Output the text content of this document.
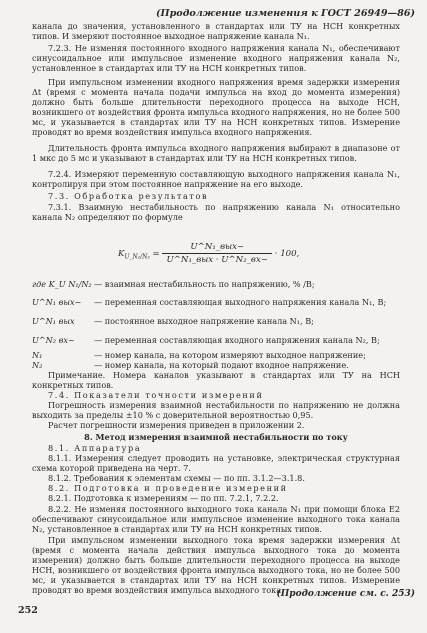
(Продолжение изменения к ГОСТ 26949—86)
канала до значения, установленного в стандартах или ТУ на НСН конкретных типов. И змеряют постоянное выходное напряжение канала N₁.
7.2.3. Не изменяя постоянного входного напряжения канала N₁, обеспечивают синусоидальное или импульсное изменение входного напряжения канала N₂, установленное в стандартах или ТУ на НСН конкретных типов.
При импульсном изменении входного напряжения время задержки измерения Δt (время с момента начала подачи импульса на вход до момента измерения) должно быть больше длительности переходного процесса на выходе НСН, возникшего от воздействия фронта импульса входного напряжения, но не более 500 мс, и указывается в стандартах или ТУ на НСН конкретных типов. Измерение проводят во время воздействия импульса входного напряжения.
Длительность фронта импульса входного напряжения выбирают в диапазоне от 1 мкс до 5 мс и указывают в стандартах или ТУ на НСН конкретных типов.
7.2.4. Измеряют переменную составляющую выходного напряжения канала N₁, контролируя при этом постоянное напряжение на его выходе.
7.3. Обработка результатов
7.3.1. Взаимную нестабильность по напряжению канала N₁ относительно канала N₂ определяют по формуле
$K_{U\_N_1/N_2} = \frac{\text{U\textasciicircum{}N₁\_вых\textasciitilde{}}}{\text{U\textasciicircum{}N₁\_вых · U\textasciicircum{}N₂\_вх\textasciitilde{}}} \cdot 100$,
где K_U N₁/N₂ — взаимная нестабильность по напряжению, % /В;
U^N₁ вых~ — переменная составляющая выходного напряжения канала N₁, В;
U^N₁ вых — постоянное выходное напряжение канала N₁, В;
U^N₂ вх~ — переменная составляющая входного напряжения канала N₂, В;
N₁	— номер канала, на котором измеряют выходное напряжение;
N₂	— номер канала, на который подают входное напряжение.
Примечание. Номера каналов указывают в стандартах или ТУ на НСН конкретных типов.
7.4. Показатели точности измерений
Погрешность измерения взаимной нестабильности по напряжению не должна выходить за пределы ±10 % с доверительной вероятностью 0,95.
Расчет погрешности измерения приведен в приложении 2.
8. Метод измерения взаимной нестабильности по току
8.1. Аппаратура
8.1.1. Измерения следует проводить на установке, электрическая структурная схема которой приведена на черт. 7.
8.1.2. Требования к элементам схемы — по пп. 3.1.2—3.1.8.
8.2. Подготовка и проведение измерений
8.2.1. Подготовка к измерениям — по пп. 7.2.1, 7.2.2.
8.2.2. Не изменяя постоянного выходного тока канала N₁ при помощи блока E2 обеспечивают синусоидальное или импульсное изменение выходного тока канала N₂, установленное в стандартах или ТУ на НСН конкретных типов.
При импульсном изменении выходного тока время задержки измерения Δt (время с момента начала действия импульса выходного тока до момента измерения) должно быть больше длительности переходного процесса на выходе НСН, возникшего от воздействия фронта импульса выходного тока, но не более 500 мс, и указывается в стандартах или ТУ на НСН конкретных типов. Измерение проводят во время воздействия импульса выходного тока.
(Продолжение см. с. 253)
252
